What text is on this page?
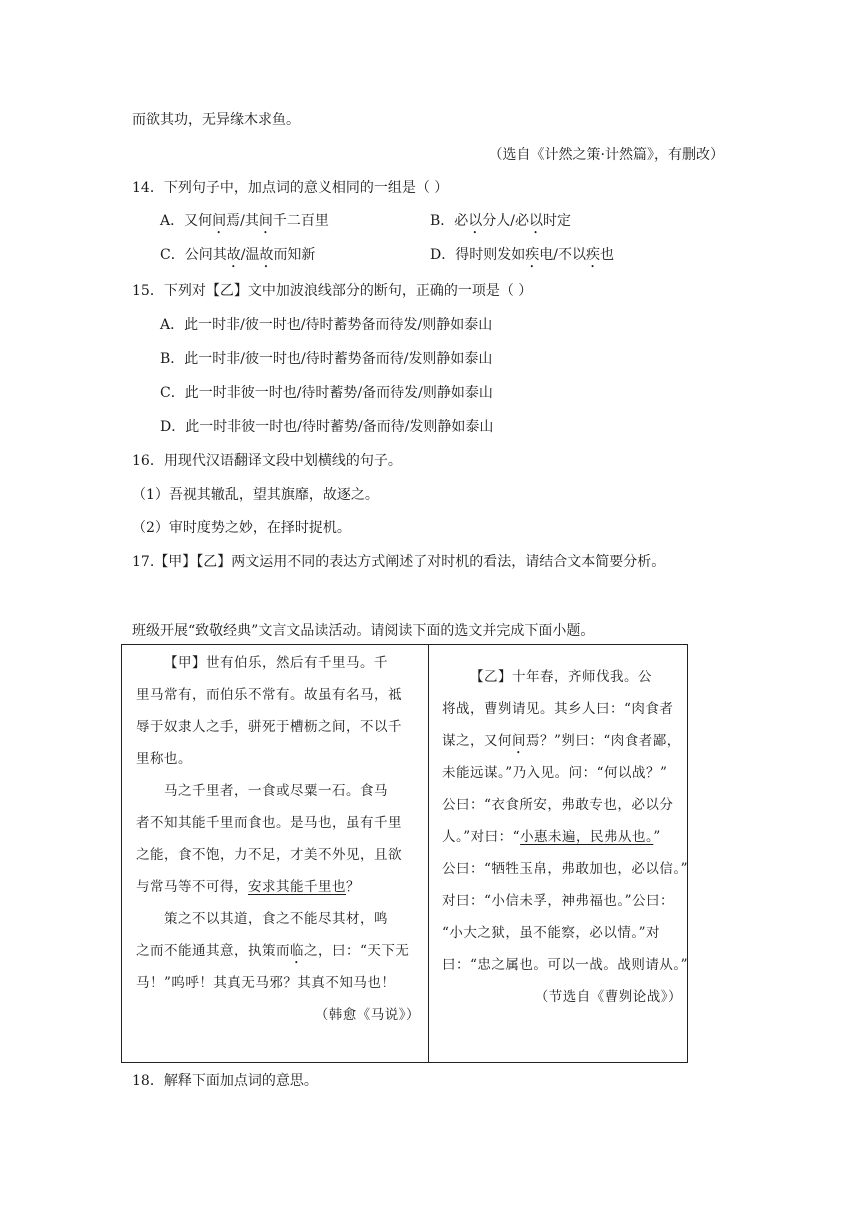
而欲其功，无异缘木求鱼。
（选自《计然之策·计然篇》，有删改）
14．下列句子中，加点词的意义相同的一组是（ ）
A．又何间焉/其间千二百里	B．必以分人/必以时定
C．公问其故/温故而知新	D．得时则发如疾电/不以疾也
15．下列对【乙】文中加波浪线部分的断句，正确的一项是（ ）
A．此一时非/彼一时也/待时蓄势备而待发/则静如泰山
B．此一时非/彼一时也/待时蓄势备而待/发则静如泰山
C．此一时非彼一时也/待时蓄势/备而待发/则静如泰山
D．此一时非彼一时也/待时蓄势/备而待/发则静如泰山
16．用现代汉语翻译文段中划横线的句子。
（1）吾视其辙乱，望其旗靡，故逐之。
（2）审时度势之妙，在择时捉机。
17.【甲】【乙】两文运用不同的表达方式阐述了对时机的看法，请结合文本简要分析。
班级开展“致敬经典”文言文品读活动。请阅读下面的选文并完成下面小题。

【甲】世有伯乐，然后有千里马。千

里马常有，而伯乐不常有。故虽有名马，祗

辱于奴隶人之手，骈死于槽枥之间，不以千

里称也。

马之千里者，一食或尽粟一石。食马

者不知其能千里而食也。是马也，虽有千里

之能，食不饱，力不足，才美不外见，且欲

与常马等不可得，安求其能千里也？

策之不以其道，食之不能尽其材，鸣

之而不能通其意，执策而临之，曰：“天下无

马！”呜呼！其真无马邪？其真不知马也！

（韩愈《马说》）

【乙】十年春，齐师伐我。公

将战，曹刿请见。其乡人曰：“肉食者

谋之，又何间焉？”刿曰：“肉食者鄙，

未能远谋。”乃入见。问：“何以战？”

公曰：“衣食所安，弗敢专也，必以分

人。”对曰：“小惠未遍，民弗从也。”

公曰：“牺牲玉帛，弗敢加也，必以信。”

对曰：“小信未孚，神弗福也。”公曰：

“小大之狱，虽不能察，必以情。”对

曰：“忠之属也。可以一战。战则请从。”

（节选自《曹刿论战》）

18．解释下面加点词的意思。
